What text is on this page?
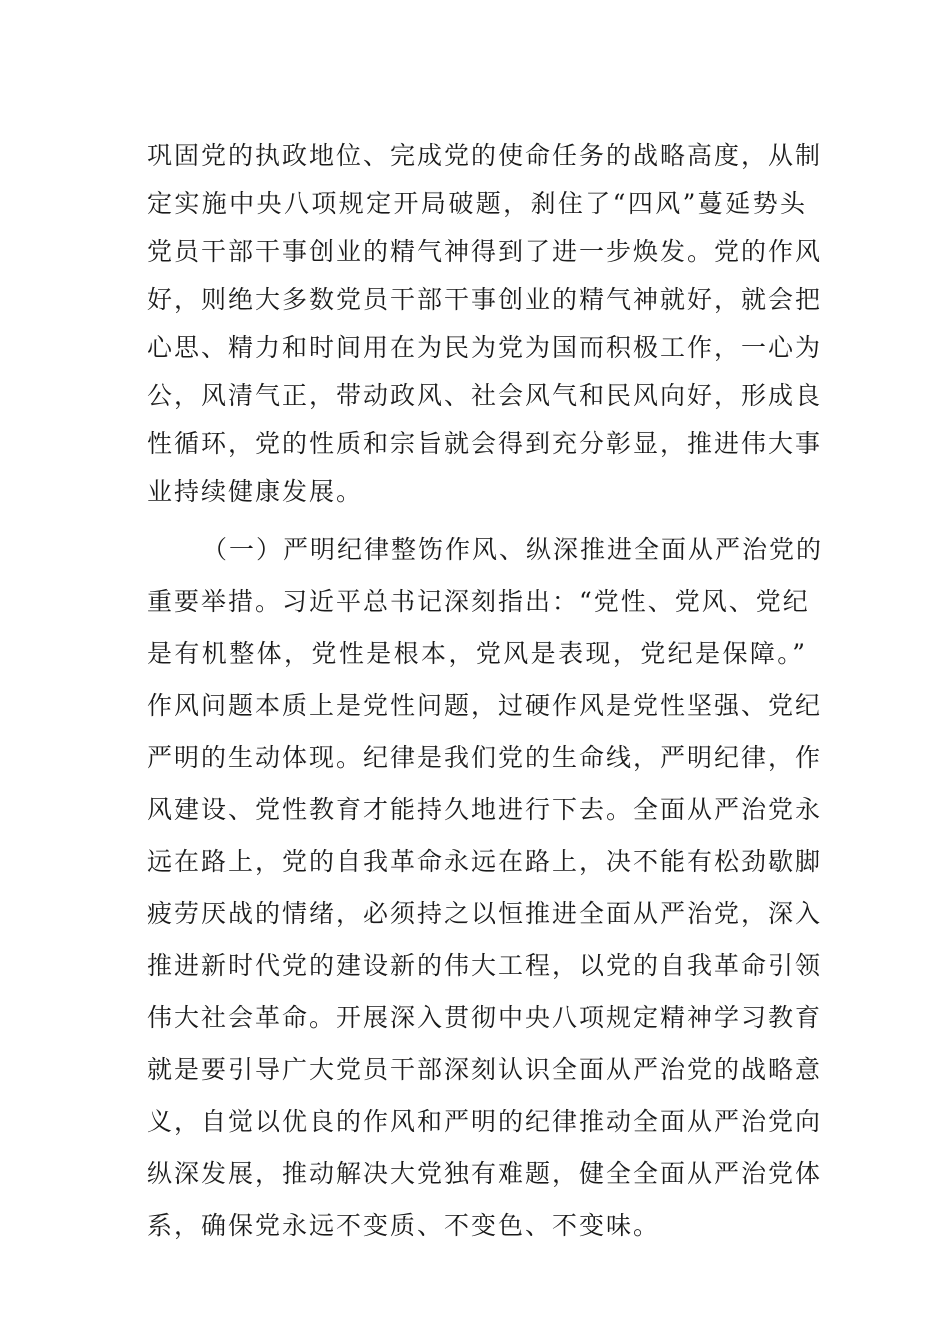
巩固党的执政地位、完成党的使命任务的战略高度，从制
定实施中央八项规定开局破题，刹住了“四风”蔓延势头
党员干部干事创业的精气神得到了进一步焕发。党的作风
好，则绝大多数党员干部干事创业的精气神就好，就会把
心思、精力和时间用在为民为党为国而积极工作，一心为
公，风清气正，带动政风、社会风气和民风向好，形成良
性循环，党的性质和宗旨就会得到充分彰显，推进伟大事
业持续健康发展。
（一）严明纪律整饬作风、纵深推进全面从严治党的
重要举措。习近平总书记深刻指出：“党性、党风、党纪
是有机整体，党性是根本，党风是表现，党纪是保障。”
作风问题本质上是党性问题，过硬作风是党性坚强、党纪
严明的生动体现。纪律是我们党的生命线，严明纪律，作
风建设、党性教育才能持久地进行下去。全面从严治党永
远在路上，党的自我革命永远在路上，决不能有松劲歇脚
疲劳厌战的情绪，必须持之以恒推进全面从严治党，深入
推进新时代党的建设新的伟大工程，以党的自我革命引领
伟大社会革命。开展深入贯彻中央八项规定精神学习教育
就是要引导广大党员干部深刻认识全面从严治党的战略意
义，自觉以优良的作风和严明的纪律推动全面从严治党向
纵深发展，推动解决大党独有难题，健全全面从严治党体
系，确保党永远不变质、不变色、不变味。
